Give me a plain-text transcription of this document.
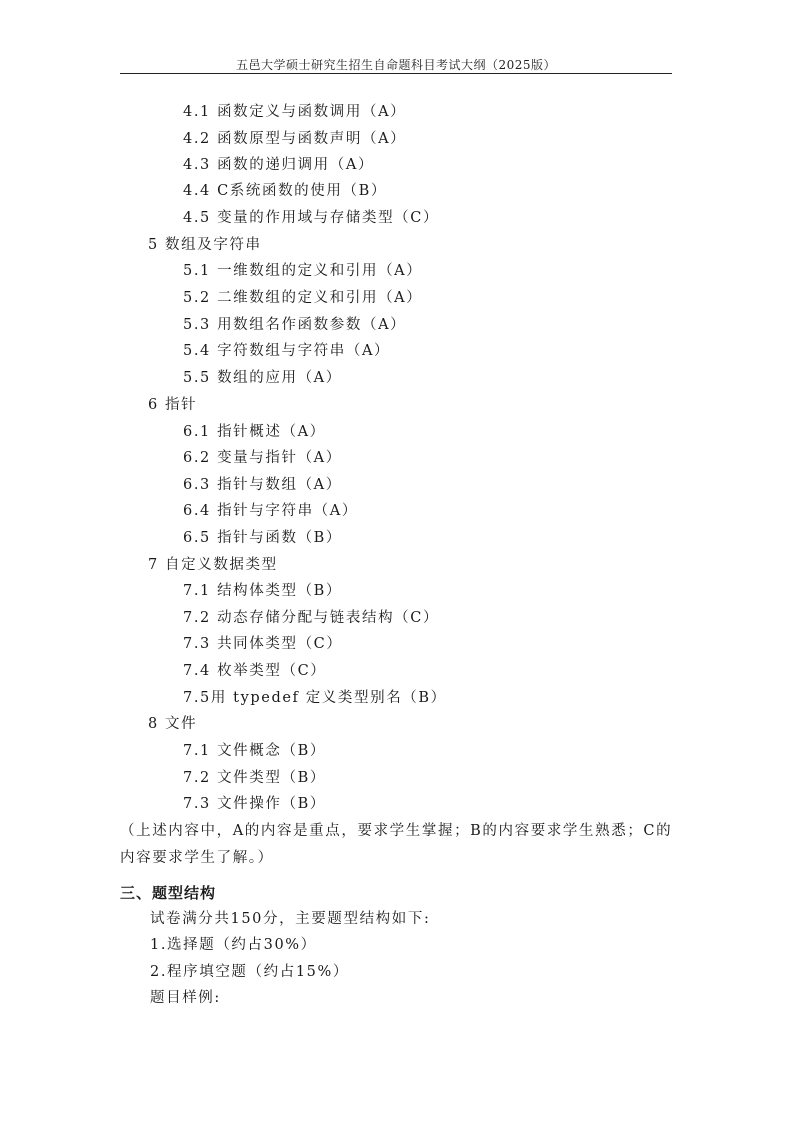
五邑大学硕士研究生招生自命题科目考试大纲（2025版）
4.1 函数定义与函数调用（A）
4.2 函数原型与函数声明（A）
4.3 函数的递归调用（A）
4.4 C系统函数的使用（B）
4.5 变量的作用域与存储类型（C）
5 数组及字符串
5.1 一维数组的定义和引用（A）
5.2 二维数组的定义和引用（A）
5.3 用数组名作函数参数（A）
5.4 字符数组与字符串（A）
5.5 数组的应用（A）
6 指针
6.1 指针概述（A）
6.2 变量与指针（A）
6.3 指针与数组（A）
6.4 指针与字符串（A）
6.5 指针与函数（B）
7 自定义数据类型
7.1 结构体类型（B）
7.2 动态存储分配与链表结构（C）
7.3 共同体类型（C）
7.4 枚举类型（C）
7.5用 typedef 定义类型别名（B）
8 文件
7.1 文件概念（B）
7.2 文件类型（B）
7.3 文件操作（B）
（上述内容中，A的内容是重点，要求学生掌握；B的内容要求学生熟悉；C的
内容要求学生了解。）
三、题型结构
试卷满分共150分，主要题型结构如下:
1.选择题（约占30%）
2.程序填空题（约占15%）
题目样例:
